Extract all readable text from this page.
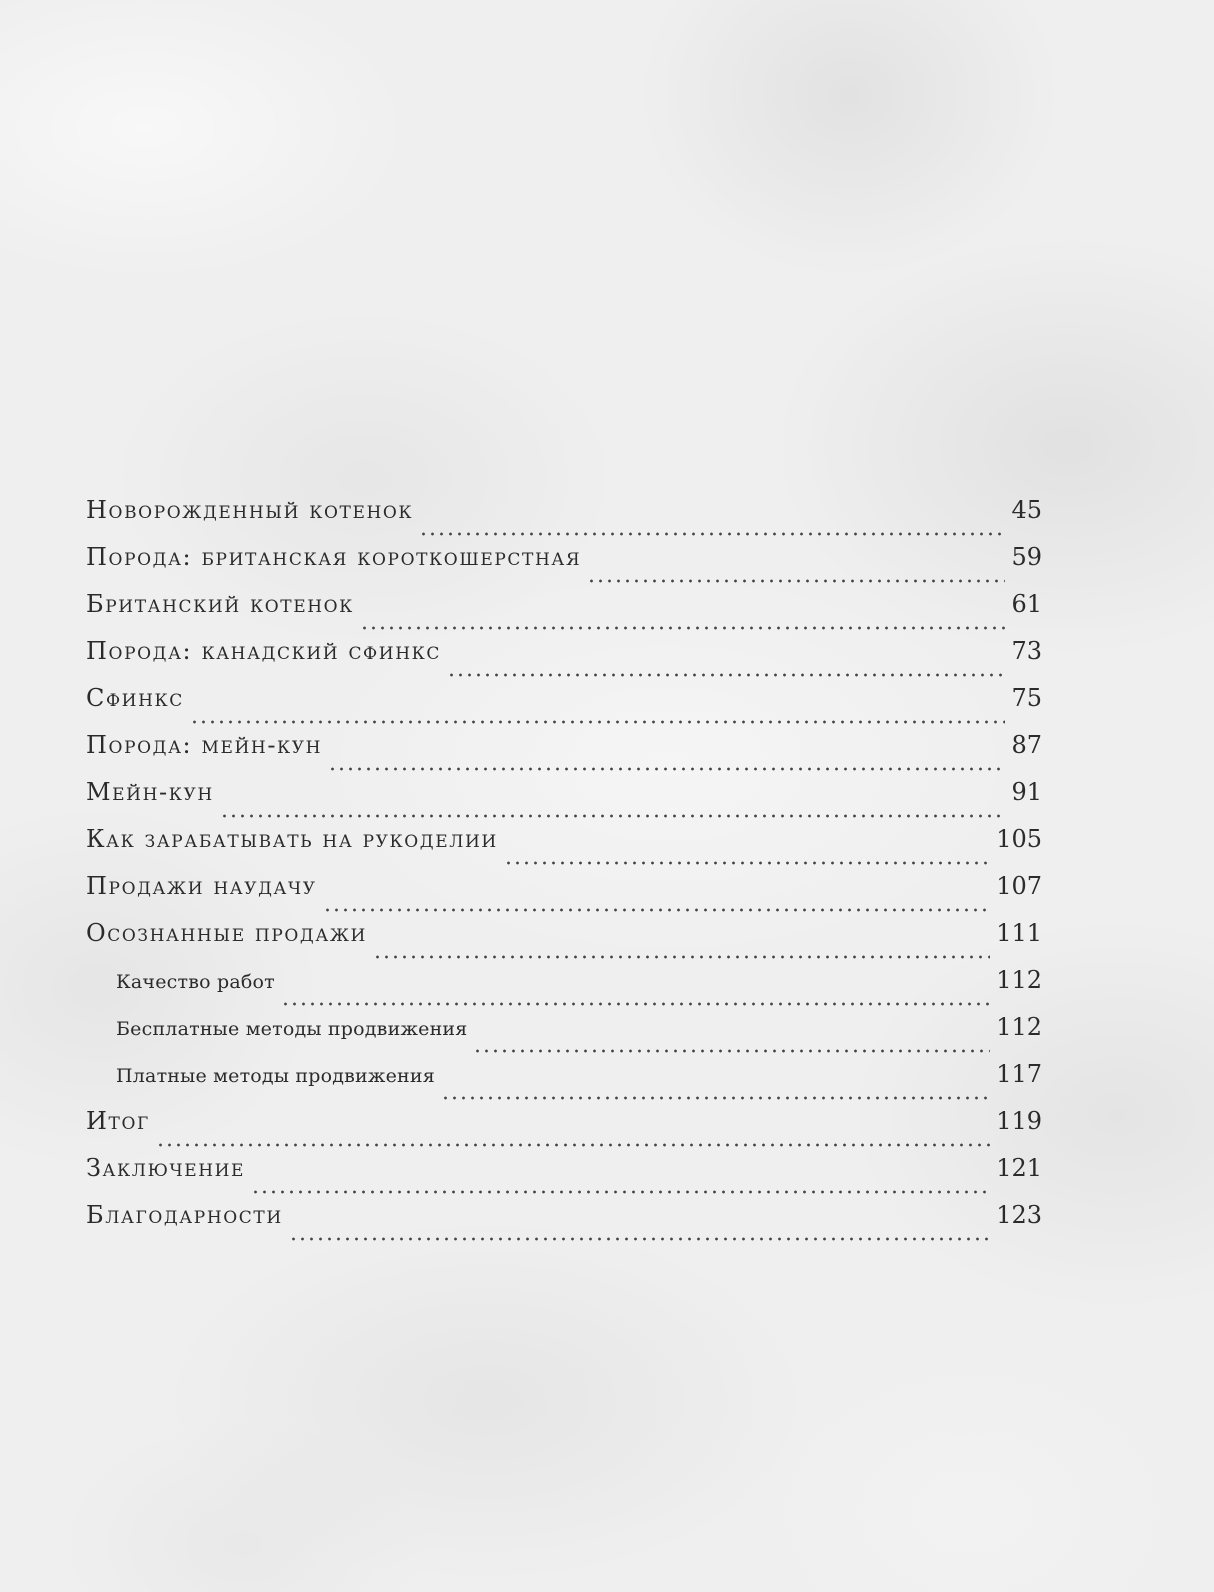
Новорожденный котенок	45
Порода: британская короткошерстная	59
Британский котенок	61
Порода: канадский сфинкс	73
Сфинкс	75
Порода: мейн-кун	87
Мейн-кун	91
Как зарабатывать на рукоделии	105
Продажи наудачу	107
Осознанные продажи	111
Качество работ	112
Бесплатные методы продвижения	112
Платные методы продвижения	117
Итог	119
Заключение	121
Благодарности	123
